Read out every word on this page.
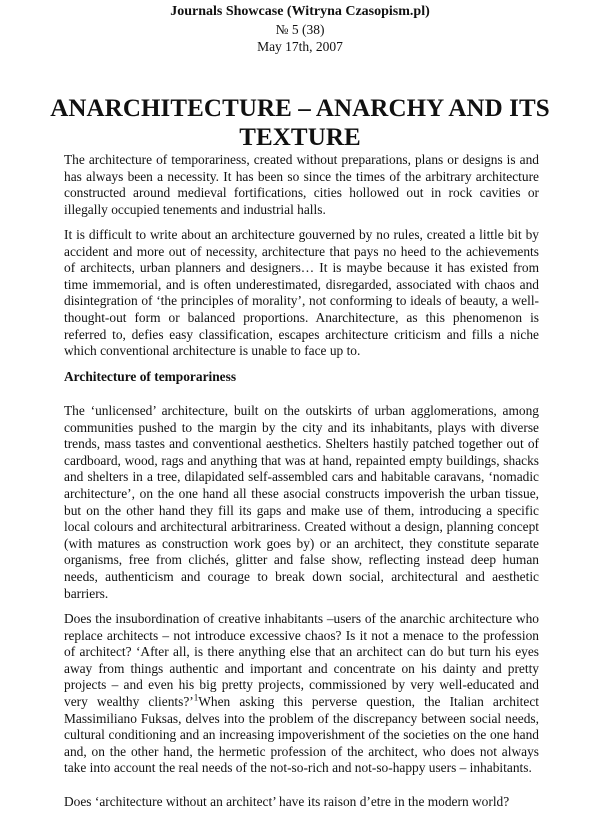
Journals Showcase (Witryna Czasopism.pl)
№ 5 (38)
May 17th, 2007
ANARCHITECTURE – ANARCHY AND ITS TEXTURE

The architecture of temporariness, created without preparations, plans or designs is and has always been a necessity. It has been so since the times of the arbitrary architecture constructed around medieval fortifications, cities hollowed out in rock cavities or illegally occupied tenements and industrial halls.

It is difficult to write about an architecture gouverned by no rules, created a little bit by accident and more out of necessity, architecture that pays no heed to the achievements of architects, urban planners and designers… It is maybe because it has existed from time immemorial, and is often underestimated, disregarded, associated with chaos and disintegration of ‘the principles of morality’, not conforming to ideals of beauty, a well-thought-out form or balanced proportions. Anarchitecture, as this phenomenon is referred to, defies easy classification, escapes architecture criticism and fills a niche which conventional architecture is unable to face up to.

Architecture of temporariness

The ‘unlicensed’ architecture, built on the outskirts of urban agglomerations, among communities pushed to the margin by the city and its inhabitants, plays with diverse trends, mass tastes and conventional aesthetics. Shelters hastily patched together out of cardboard, wood, rags and anything that was at hand, repainted empty buildings, shacks and shelters in a tree, dilapidated self-assembled cars and habitable caravans, ‘nomadic architecture’, on the one hand all these asocial constructs impoverish the urban tissue, but on the other hand they fill its gaps and make use of them, introducing a specific local colours and architectural arbitrariness. Created without a design, planning concept (with matures as construction work goes by) or an architect, they constitute separate organisms, free from clichés, glitter and false show, reflecting instead deep human needs, authenticism and courage to break down social, architectural and aesthetic barriers.

Does the insubordination of creative inhabitants –users of the anarchic architecture who replace architects – not introduce excessive chaos? Is it not a menace to the profession of architect? ‘After all, is there anything else that an architect can do but turn his eyes away from things authentic and important and concentrate on his dainty and pretty projects – and even his big pretty projects, commissioned by very well-educated and very wealthy clients?’$^1$When asking this perverse question, the Italian architect Massimiliano Fuksas, delves into the problem of the discrepancy between social needs, cultural conditioning and an increasing impoverishment of the societies on the one hand and, on the other hand, the hermetic profession of the architect, who does not always take into account the real needs of the not-so-rich and not-so-happy users – inhabitants.

Does ‘architecture without an architect’ have its raison d’etre in the modern world?
